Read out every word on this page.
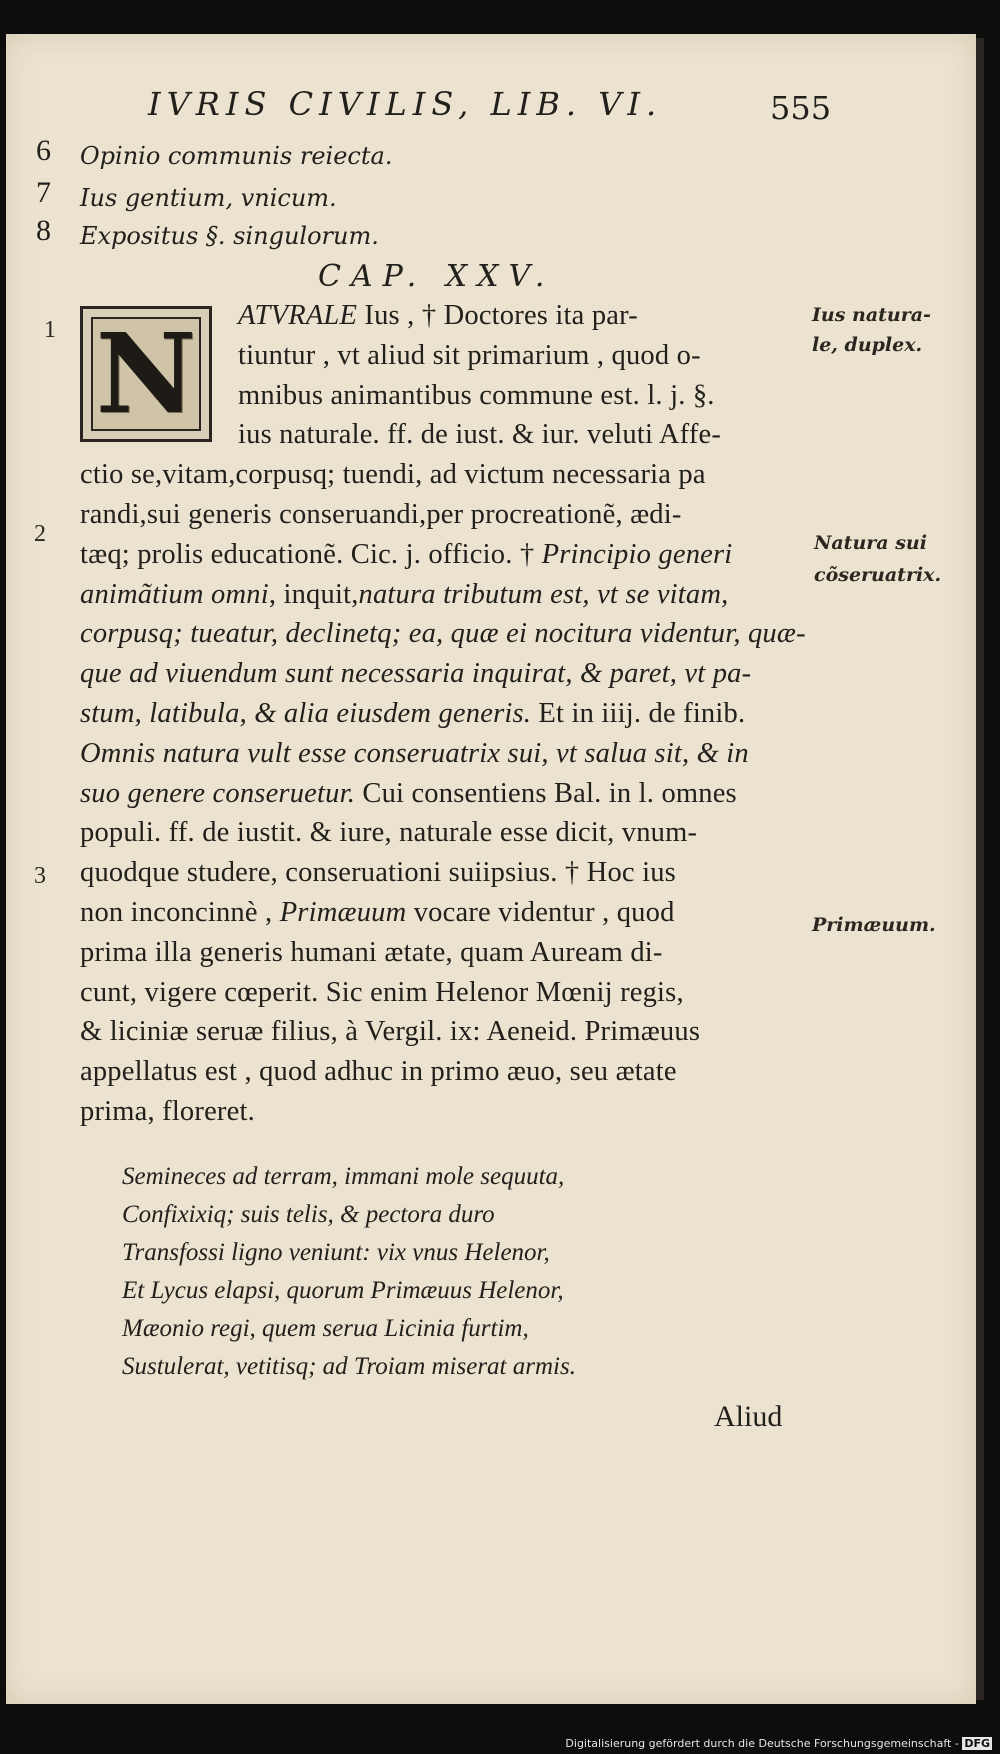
IVRIS CIVILIS, LIB. VI.	555
6 Opinio communis reiecta.
7 Ius gentium, vnicum.
8 Expositus §. singulorum.
CAP. XXV.
N ATVRALE Ius , † Doctores ita par-
tiuntur , vt aliud sit primarium , quod o-
mnibus animantibus commune est. l. j. §.
ius naturale. ff. de iust. & iur. veluti Affe-
ctio se,vitam,corpusq; tuendi, ad victum necessaria pa
randi,sui generis conseruandi,per procreationẽ, ædi-
tæq; prolis educationẽ. Cic. j. officio. † Principio generi
animãtium omni, inquit,natura tributum est, vt se vitam,
corpusq; tueatur, declinetq; ea, quæ ei nocitura videntur, quæ-
que ad viuendum sunt necessaria inquirat, & paret, vt pa-
stum, latibula, & alia eiusdem generis. Et in iiij. de finib.
Omnis natura vult esse conseruatrix sui, vt salua sit, & in
suo genere conseruetur. Cui consentiens Bal. in l. omnes
populi. ff. de iustit. & iure, naturale esse dicit, vnum-
quodque studere, conseruationi suiipsius. † Hoc ius
non inconcinnè , Primæuum vocare videntur , quod
prima illa generis humani ætate, quam Auream di-
cunt, vigere cœperit. Sic enim Helenor Mœnij regis,
& liciniæ seruæ filius, à Vergil. ix: Aeneid. Primæuus
appellatus est , quod adhuc in primo æuo, seu ætate
prima, floreret.
Semineces ad terram, immani mole sequuta,
Confixixiq; suis telis, & pectora duro
Transfossi ligno veniunt: vix vnus Helenor,
Et Lycus elapsi, quorum Primæuus Helenor,
Mæonio regi, quem serua Licinia furtim,
Sustulerat, vetitisq; ad Troiam miserat armis.
Aliud
1
2
3
Ius natura-
le, duplex.
Natura sui
cõseruatrix.
Primæuum.
Digitalisierung gefördert durch die Deutsche Forschungsgemeinschaft - DFG
